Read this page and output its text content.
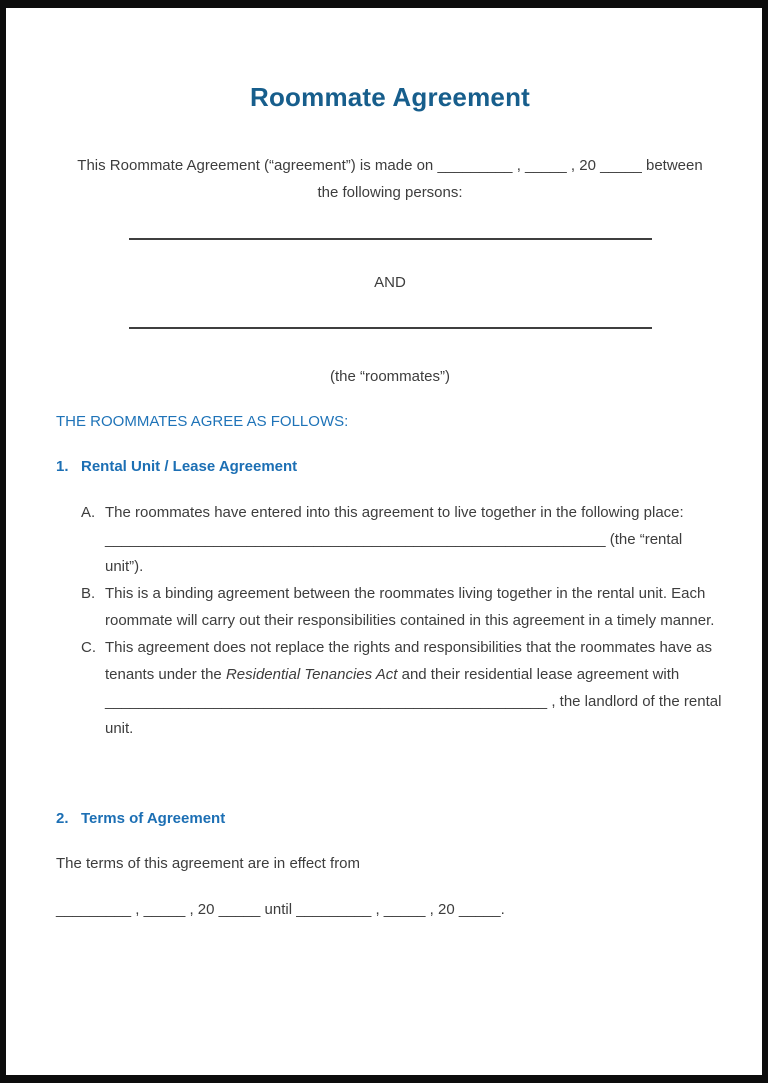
Roommate Agreement
This Roommate Agreement (“agreement”) is made on _________ , _____ , 20 _____ between
the following persons:
AND
(the “roommates”)
THE ROOMMATES AGREE AS FOLLOWS:
1. Rental Unit / Lease Agreement
A. The roommates have entered into this agreement to live together in the following place: ____________________________________________________________ (the “rental unit”).

B. This is a binding agreement between the roommates living together in the rental unit. Each roommate will carry out their responsibilities contained in this agreement in a timely manner.

C. This agreement does not replace the rights and responsibilities that the roommates have as tenants under the Residential Tenancies Act and their residential lease agreement with _____________________________________________________ , the landlord of the rental unit.

2. Terms of Agreement
The terms of this agreement are in effect from
_________ , _____ , 20 _____ until _________ , _____ , 20 _____.
